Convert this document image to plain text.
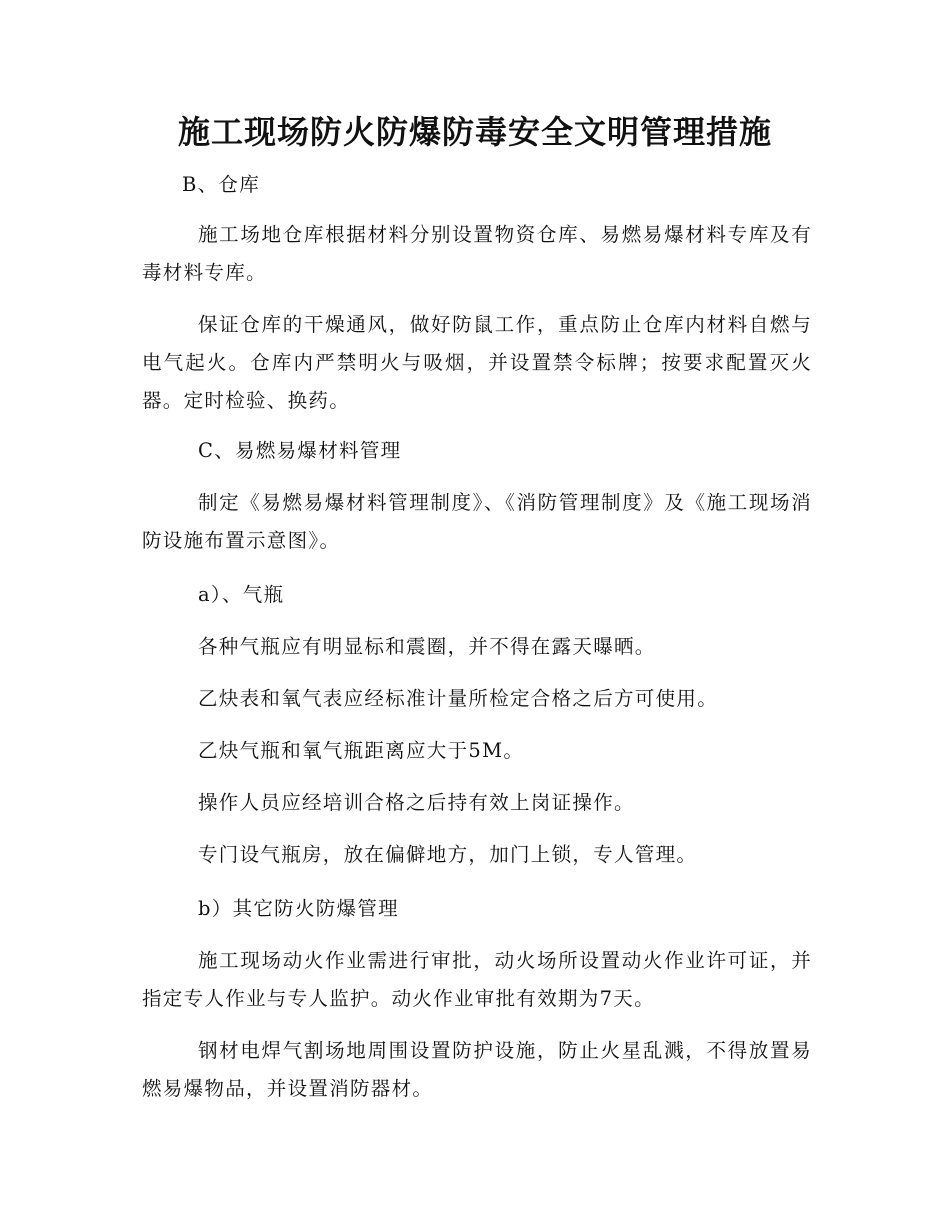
施工现场防火防爆防毒安全文明管理措施
B、仓库
施工场地仓库根据材料分别设置物资仓库、易燃易爆材料专库及有毒材料专库。
保证仓库的干燥通风，做好防鼠工作，重点防止仓库内材料自燃与电气起火。仓库内严禁明火与吸烟，并设置禁令标牌；按要求配置灭火器。定时检验、换药。
C、易燃易爆材料管理
制定《易燃易爆材料管理制度》、《消防管理制度》及《施工现场消防设施布置示意图》。
a）、气瓶
各种气瓶应有明显标和震圈，并不得在露天曝晒。
乙炔表和氧气表应经标准计量所检定合格之后方可使用。
乙炔气瓶和氧气瓶距离应大于5M。
操作人员应经培训合格之后持有效上岗证操作。
专门设气瓶房，放在偏僻地方，加门上锁，专人管理。
b）其它防火防爆管理
施工现场动火作业需进行审批，动火场所设置动火作业许可证，并指定专人作业与专人监护。动火作业审批有效期为7天。
钢材电焊气割场地周围设置防护设施，防止火星乱溅，不得放置易燃易爆物品，并设置消防器材。
